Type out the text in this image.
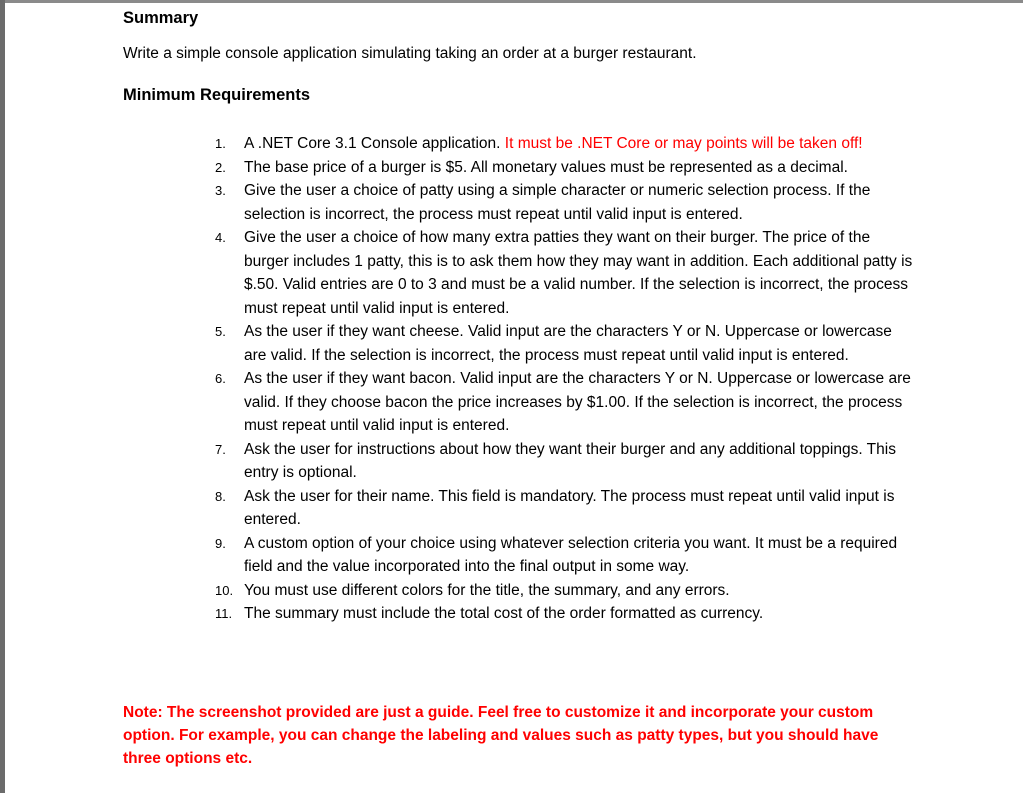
Summary

Write a simple console application simulating taking an order at a burger restaurant.

Minimum Requirements
1.	A .NET Core 3.1 Console application. It must be .NET Core or may points will be taken off!
2.	The base price of a burger is $5. All monetary values must be represented as a decimal.
3.	Give the user a choice of patty using a simple character or numeric selection process. If the selection is incorrect, the process must repeat until valid input is entered.
4.	Give the user a choice of how many extra patties they want on their burger. The price of the burger includes 1 patty, this is to ask them how they may want in addition. Each additional patty is $.50. Valid entries are 0 to 3 and must be a valid number. If the selection is incorrect, the process must repeat until valid input is entered.
5.	As the user if they want cheese. Valid input are the characters Y or N. Uppercase or lowercase are valid. If the selection is incorrect, the process must repeat until valid input is entered.
6.	As the user if they want bacon. Valid input are the characters Y or N. Uppercase or lowercase are valid. If they choose bacon the price increases by $1.00. If the selection is incorrect, the process must repeat until valid input is entered.
7.	Ask the user for instructions about how they want their burger and any additional toppings. This entry is optional.
8.	Ask the user for their name. This field is mandatory. The process must repeat until valid input is entered.
9.	A custom option of your choice using whatever selection criteria you want. It must be a required field and the value incorporated into the final output in some way.
10. You must use different colors for the title, the summary, and any errors.
11. The summary must include the total cost of the order formatted as currency.

Note: The screenshot provided are just a guide. Feel free to customize it and incorporate your custom option. For example, you can change the labeling and values such as patty types, but you should have three options etc.
